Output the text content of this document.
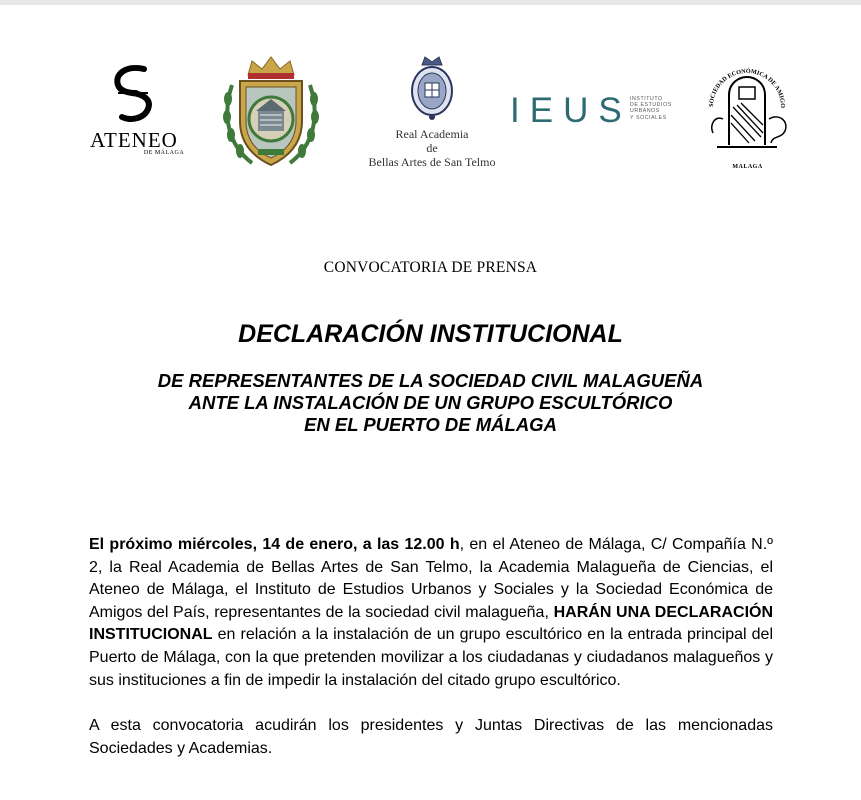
ATENEO
DE MÁLAGA
Real Academia
de
Bellas Artes de San Telmo
IEUS
INSTITUTO
DE ESTUDIOS
URBANOS
Y SOCIALES
SOCIEDAD ECONÓMICA DE AMIGO
MALAGA
CONVOCATORIA DE PRENSA
DECLARACIÓN INSTITUCIONAL
DE REPRESENTANTES DE LA SOCIEDAD CIVIL MALAGUEÑA
ANTE LA INSTALACIÓN DE UN GRUPO ESCULTÓRICO
EN EL PUERTO DE MÁLAGA

El próximo miércoles, 14 de enero, a las 12.00 h, en el Ateneo de Málaga, C/ Compañía N.º 2, la Real Academia de Bellas Artes de San Telmo, la Academia Malagueña de Ciencias, el Ateneo de Málaga, el Instituto de Estudios Urbanos y Sociales y la Sociedad Económica de Amigos del País, representantes de la sociedad civil malagueña, HARÁN UNA DECLARACIÓN INSTITUCIONAL en relación a la instalación de un grupo escultórico en la entrada principal del Puerto de Málaga, con la que pretenden movilizar a los ciudadanas y ciudadanos malagueños y sus instituciones a fin de impedir la instalación del citado grupo escultórico.

A esta convocatoria acudirán los presidentes y Juntas Directivas de las mencionadas Sociedades y Academias.
